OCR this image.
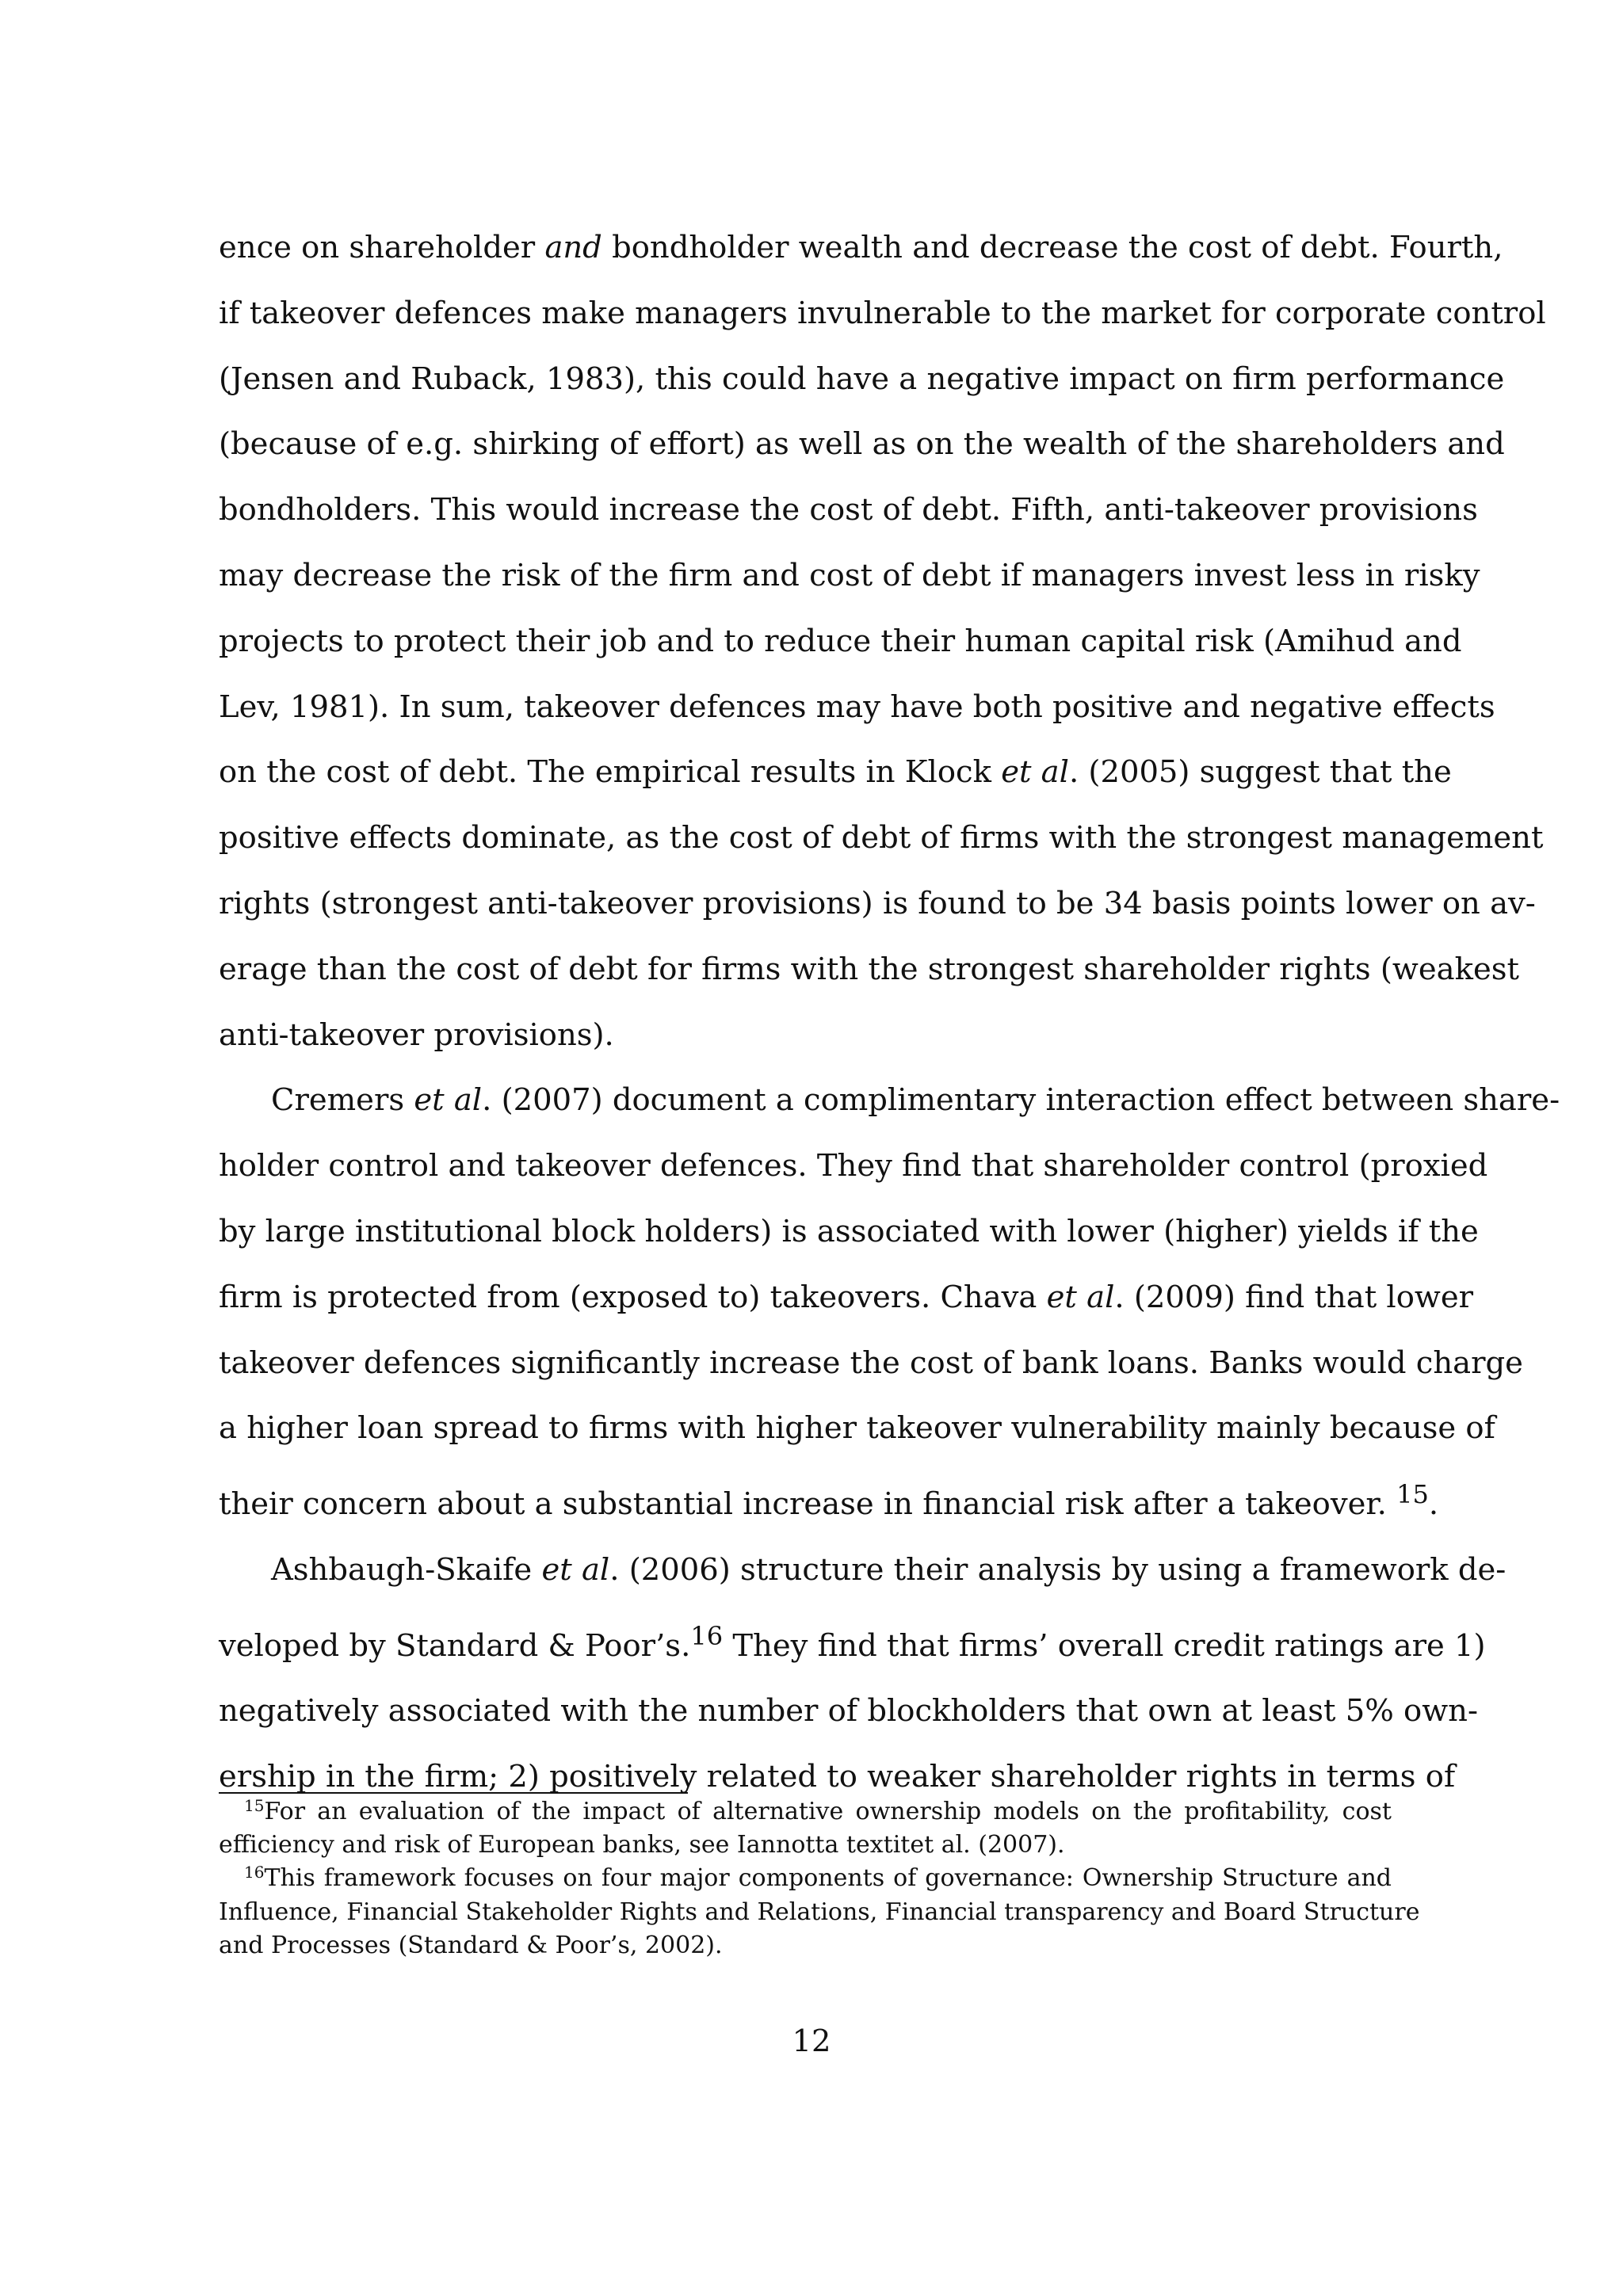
ence on shareholder and bondholder wealth and decrease the cost of debt. Fourth,
if takeover defences make managers invulnerable to the market for corporate control
(Jensen and Ruback, 1983), this could have a negative impact on firm performance
(because of e.g. shirking of effort) as well as on the wealth of the shareholders and
bondholders. This would increase the cost of debt. Fifth, anti-takeover provisions
may decrease the risk of the firm and cost of debt if managers invest less in risky
projects to protect their job and to reduce their human capital risk (Amihud and
Lev, 1981). In sum, takeover defences may have both positive and negative effects
on the cost of debt. The empirical results in Klock et al. (2005) suggest that the
positive effects dominate, as the cost of debt of firms with the strongest management
rights (strongest anti-takeover provisions) is found to be 34 basis points lower on av-
erage than the cost of debt for firms with the strongest shareholder rights (weakest
anti-takeover provisions).
Cremers et al. (2007) document a complimentary interaction effect between share-
holder control and takeover defences. They find that shareholder control (proxied
by large institutional block holders) is associated with lower (higher) yields if the
firm is protected from (exposed to) takeovers. Chava et al. (2009) find that lower
takeover defences significantly increase the cost of bank loans. Banks would charge
a higher loan spread to firms with higher takeover vulnerability mainly because of
their concern about a substantial increase in financial risk after a takeover. $^{15}$.
Ashbaugh-Skaife et al. (2006) structure their analysis by using a framework de-
veloped by Standard & Poor’s.$^{16}$ They find that firms’ overall credit ratings are 1)
negatively associated with the number of blockholders that own at least 5% own-
ership in the firm; 2) positively related to weaker shareholder rights in terms of
$^{15}$For an evaluation of the impact of alternative ownership models on the profitability, cost
efficiency and risk of European banks, see Iannotta textitet al. (2007).
$^{16}$This framework focuses on four major components of governance: Ownership Structure and
Influence, Financial Stakeholder Rights and Relations, Financial transparency and Board Structure
and Processes (Standard & Poor’s, 2002).
12
